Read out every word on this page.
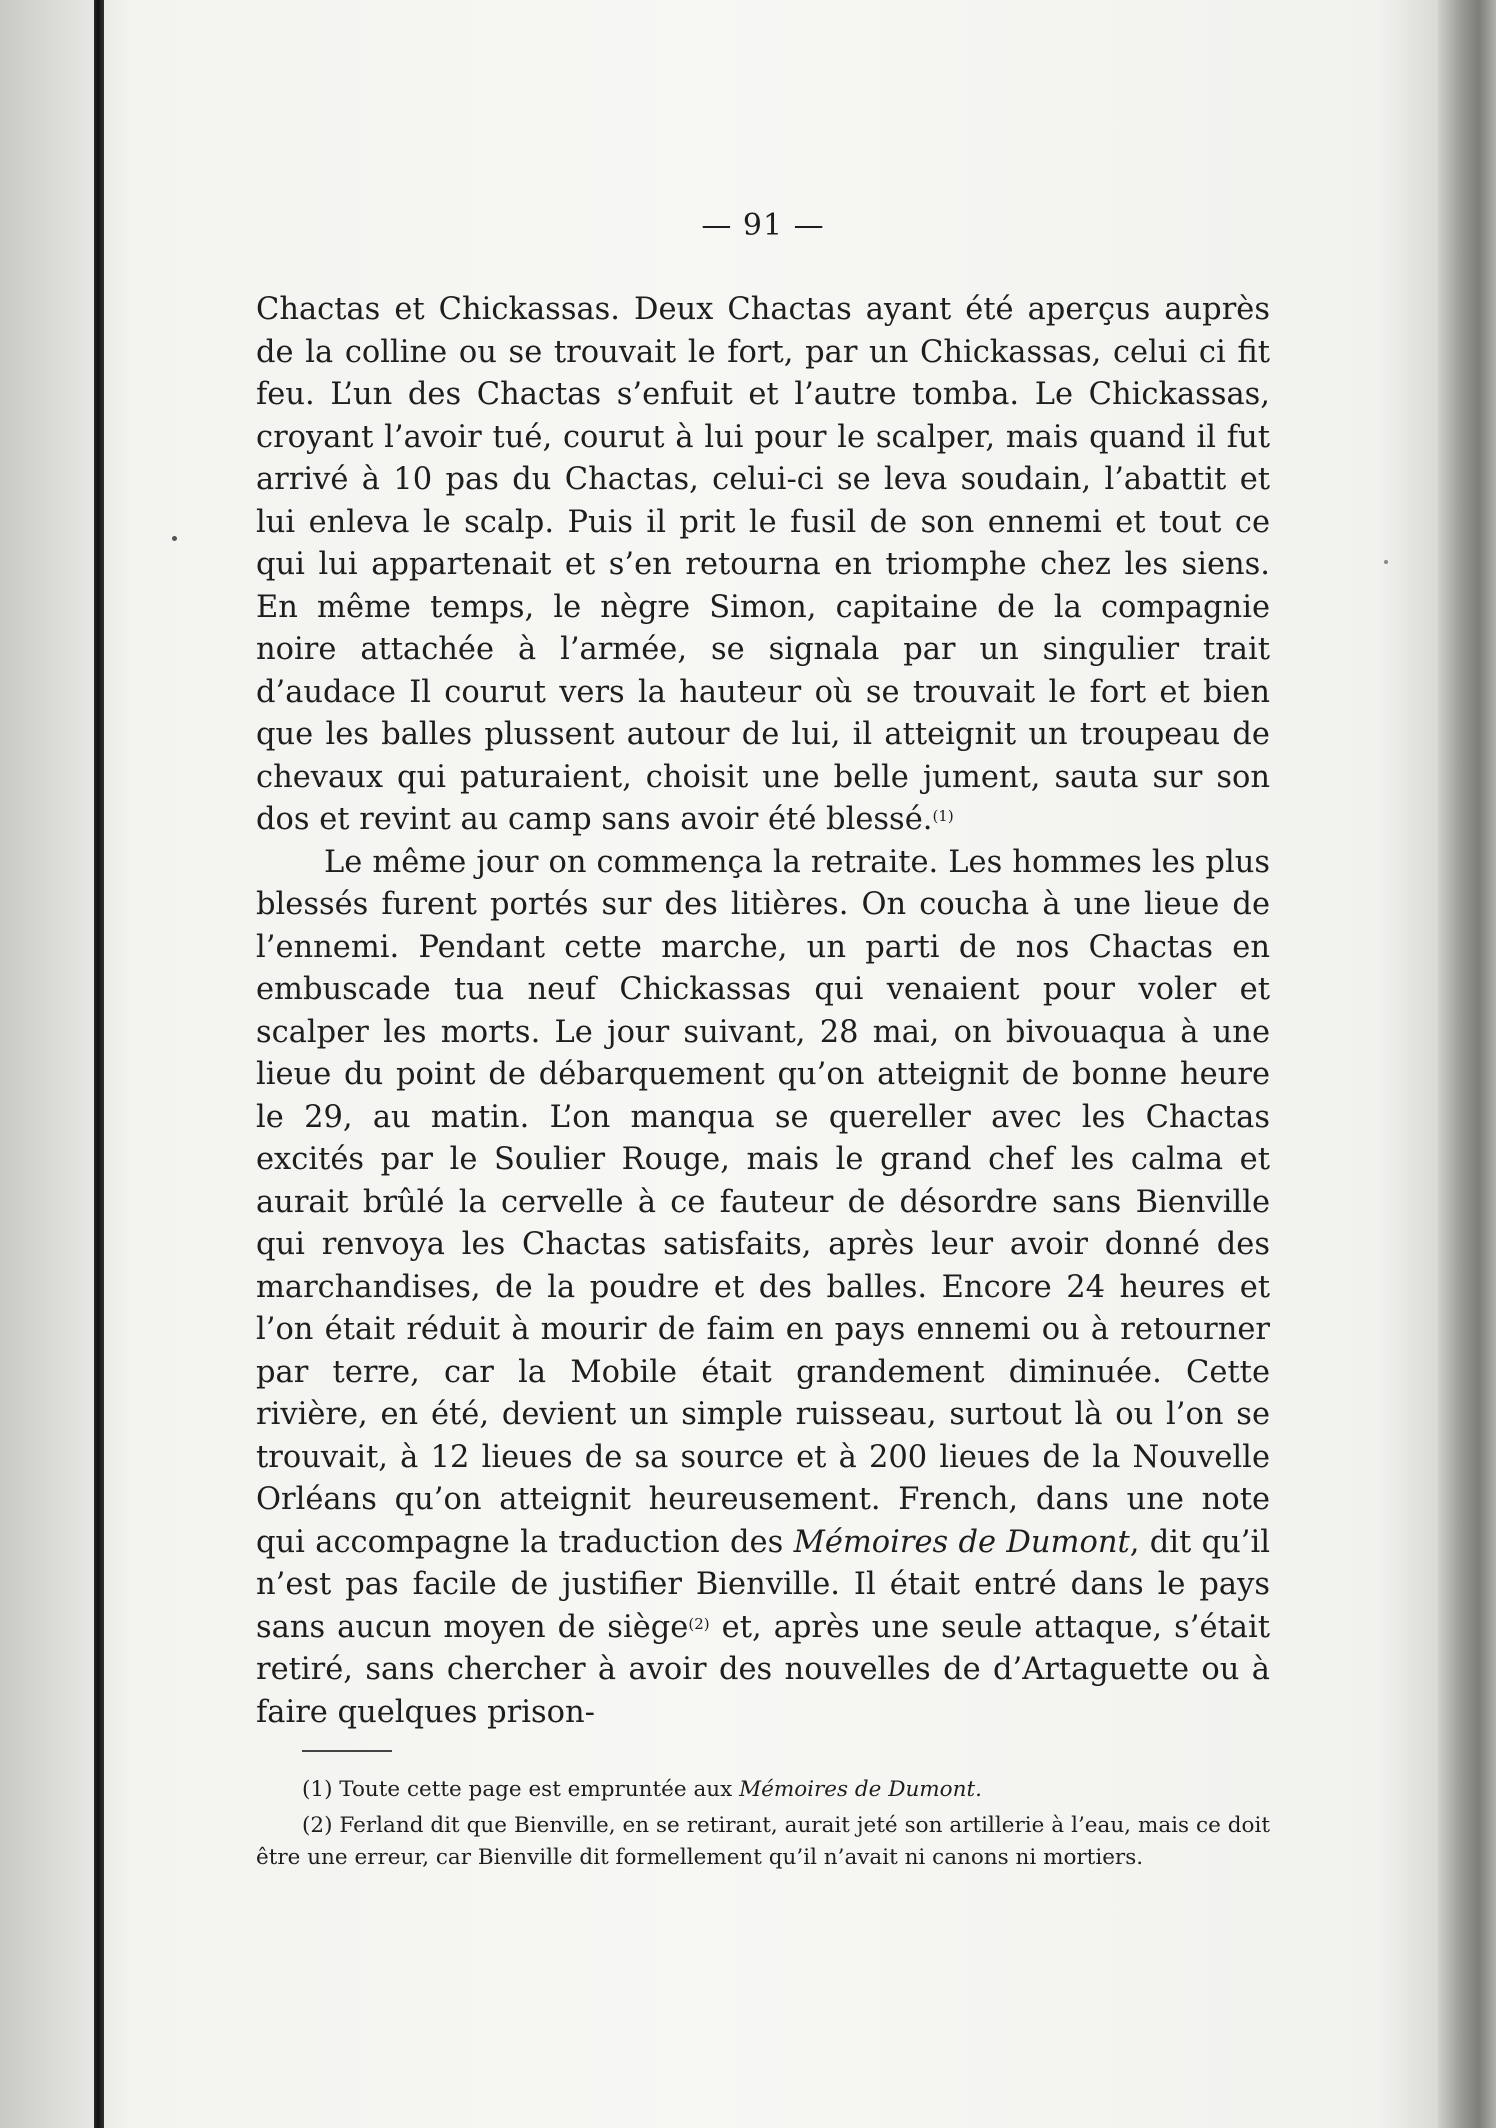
— 91 —

Chactas et Chickassas. Deux Chactas ayant été aperçus auprès de la colline ou se trouvait le fort, par un Chickassas, celui ci fit feu. L’un des Chactas s’enfuit et l’autre tomba. Le Chickassas, croyant l’avoir tué, courut à lui pour le scalper, mais quand il fut arrivé à 10 pas du Chactas, celui-ci se leva soudain, l’abattit et lui enleva le scalp. Puis il prit le fusil de son ennemi et tout ce qui lui appartenait et s’en retourna en triomphe chez les siens. En même temps, le nègre Simon, capitaine de la compagnie noire attachée à l’armée, se signala par un singulier trait d’audace Il courut vers la hauteur où se trouvait le fort et bien que les balles plussent autour de lui, il atteignit un troupeau de chevaux qui paturaient, choisit une belle jument, sauta sur son dos et revint au camp sans avoir été blessé.$^{(1)}$

Le même jour on commença la retraite. Les hommes les plus blessés furent portés sur des litières. On coucha à une lieue de l’ennemi. Pendant cette marche, un parti de nos Chactas en embuscade tua neuf Chickassas qui venaient pour voler et scalper les morts. Le jour suivant, 28 mai, on bivouaqua à une lieue du point de débarquement qu’on atteignit de bonne heure le 29, au matin. L’on manqua se quereller avec les Chactas excités par le Soulier Rouge, mais le grand chef les calma et aurait brûlé la cervelle à ce fauteur de désordre sans Bienville qui renvoya les Chactas satisfaits, après leur avoir donné des marchandises, de la poudre et des balles. Encore 24 heures et l’on était réduit à mourir de faim en pays ennemi ou à retourner par terre, car la Mobile était grandement diminuée. Cette rivière, en été, devient un simple ruisseau, surtout là ou l’on se trouvait, à 12 lieues de sa source et à 200 lieues de la Nouvelle Orléans qu’on atteignit heureusement. French, dans une note qui accompagne la traduction des Mémoires de Dumont, dit qu’il n’est pas facile de justifier Bienville. Il était entré dans le pays sans aucun moyen de siège$^{(2)}$ et, après une seule attaque, s’était retiré, sans chercher à avoir des nouvelles de d’Artaguette ou à faire quelques prison-

(1) Toute cette page est empruntée aux Mémoires de Dumont.

(2) Ferland dit que Bienville, en se retirant, aurait jeté son artillerie à l’eau, mais ce doit être une erreur, car Bienville dit formellement qu’il n’avait ni canons ni mortiers.
